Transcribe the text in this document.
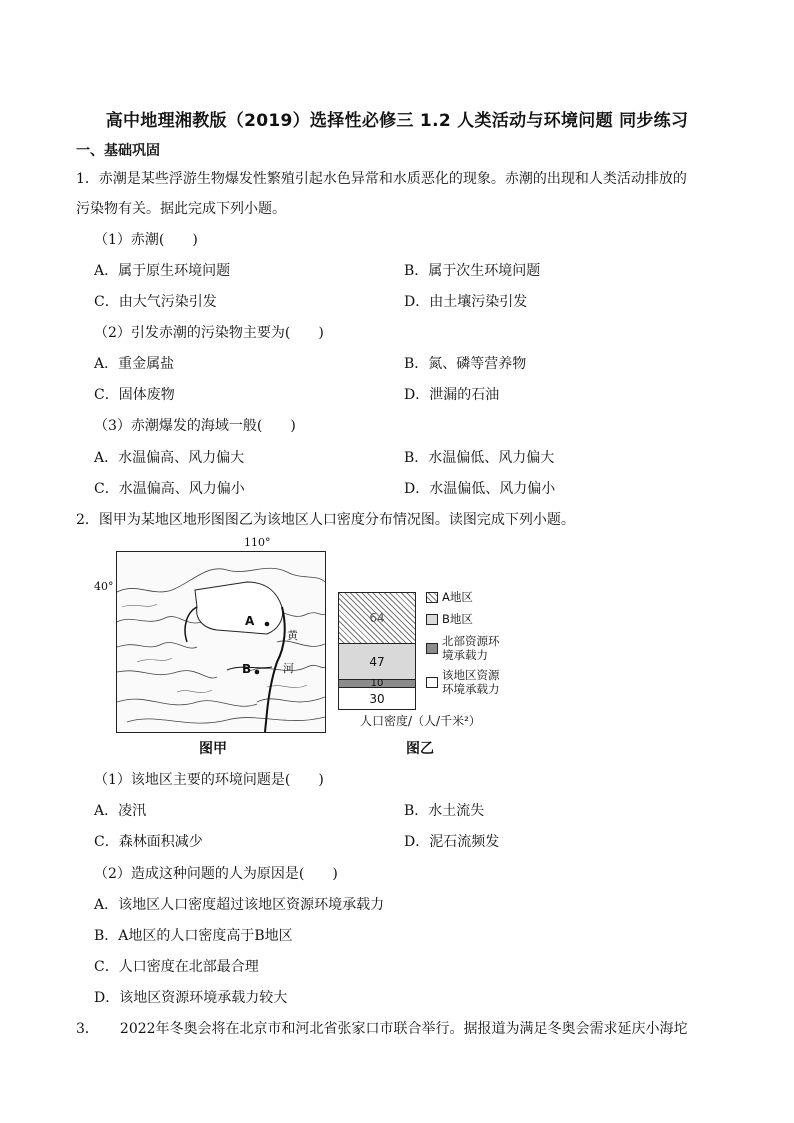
高中地理湘教版（2019）选择性必修三 1.2 人类活动与环境问题 同步练习
一、基础巩固
1．赤潮是某些浮游生物爆发性繁殖引起水色异常和水质恶化的现象。赤潮的出现和人类活动排放的
污染物有关。据此完成下列小题。
（1）赤潮(　　)
A．属于原生环境问题	B．属于次生环境问题
C．由大气污染引发	D．由土壤污染引发
（2）引发赤潮的污染物主要为(　　)
A．重金属盐	B．氮、磷等营养物
C．固体废物	D．泄漏的石油
（3）赤潮爆发的海域一般(　　)
A．水温偏高、风力偏大	B．水温偏低、风力偏大
C．水温偏高、风力偏小	D．水温偏低、风力偏小
2．图甲为某地区地形图图乙为该地区人口密度分布情况图。读图完成下列小题。
110°
40°
A
B
黄
河
图甲
64
47
10
30
人口密度/（人/千米²）
A地区
B地区
北部资源环
境承载力
该地区资源
环境承载力
图乙
（1）该地区主要的环境问题是(　　)
A．凌汛	B．水土流失
C．森林面积减少	D．泥石流频发
（2）造成这种问题的人为原因是(　　)
A．该地区人口密度超过该地区资源环境承载力
B．A地区的人口密度高于B地区
C．人口密度在北部最合理
D．该地区资源环境承载力较大
3．　　2022年冬奥会将在北京市和河北省张家口市联合举行。据报道为满足冬奥会需求延庆小海坨
